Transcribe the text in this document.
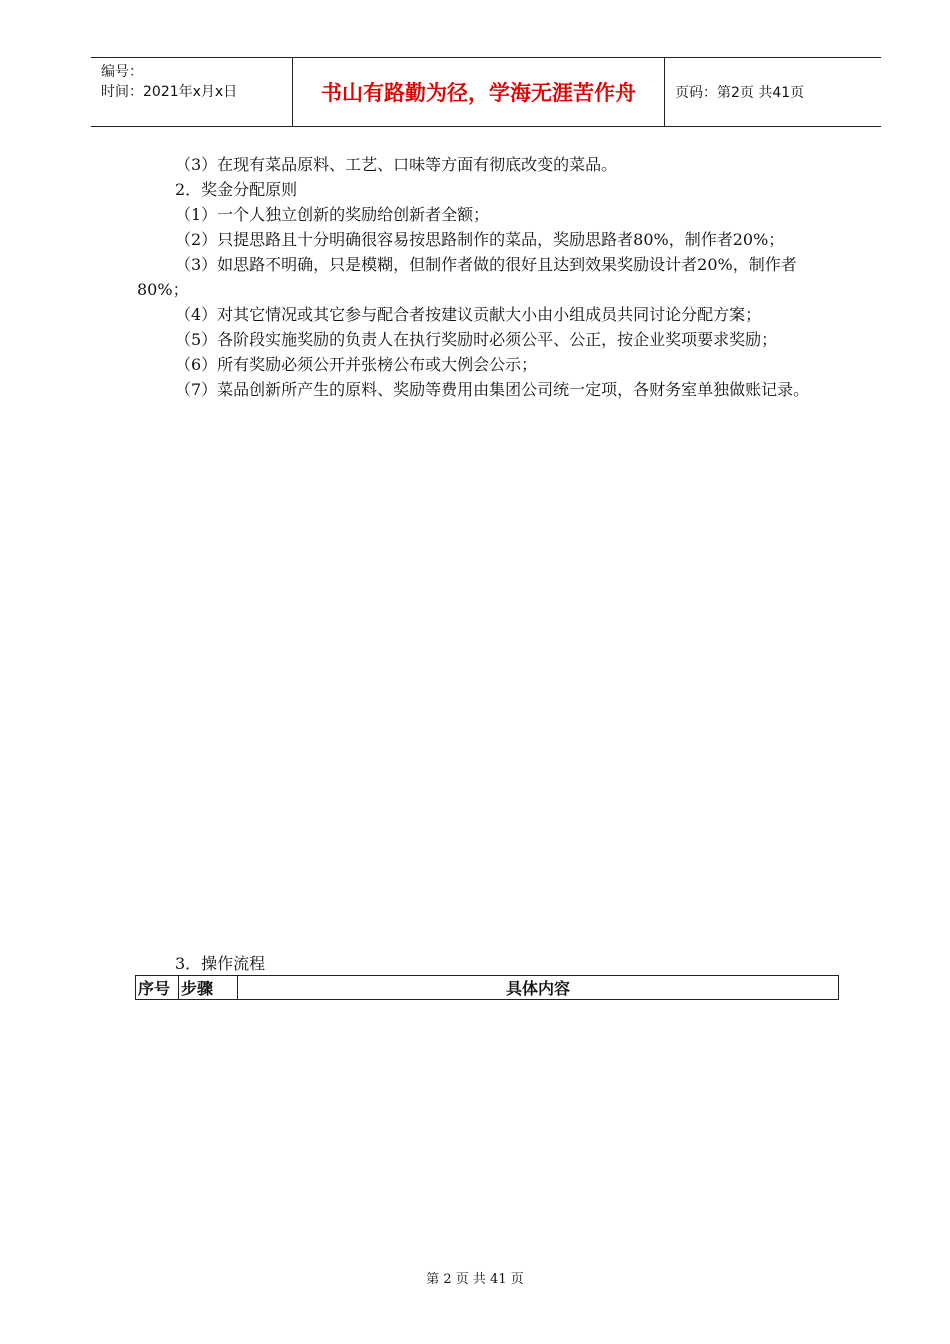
编号：
时间：2021年x月x日	书山有路勤为径，学海无涯苦作舟	页码：第2页 共41页

（3）在现有菜品原料、工艺、口味等方面有彻底改变的菜品。

2．奖金分配原则

（1）一个人独立创新的奖励给创新者全额；

（2）只提思路且十分明确很容易按思路制作的菜品，奖励思路者80%，制作者20%；

（3）如思路不明确，只是模糊，但制作者做的很好且达到效果奖励设计者20%，制作者80%；

（4）对其它情况或其它参与配合者按建议贡献大小由小组成员共同讨论分配方案；

（5）各阶段实施奖励的负责人在执行奖励时必须公平、公正，按企业奖项要求奖励；

（6）所有奖励必须公开并张榜公布或大例会公示；

（7）菜品创新所产生的原料、奖励等费用由集团公司统一定项，各财务室单独做账记录。

3．操作流程
序号	步骤	具体内容
第 2 页 共 41 页
